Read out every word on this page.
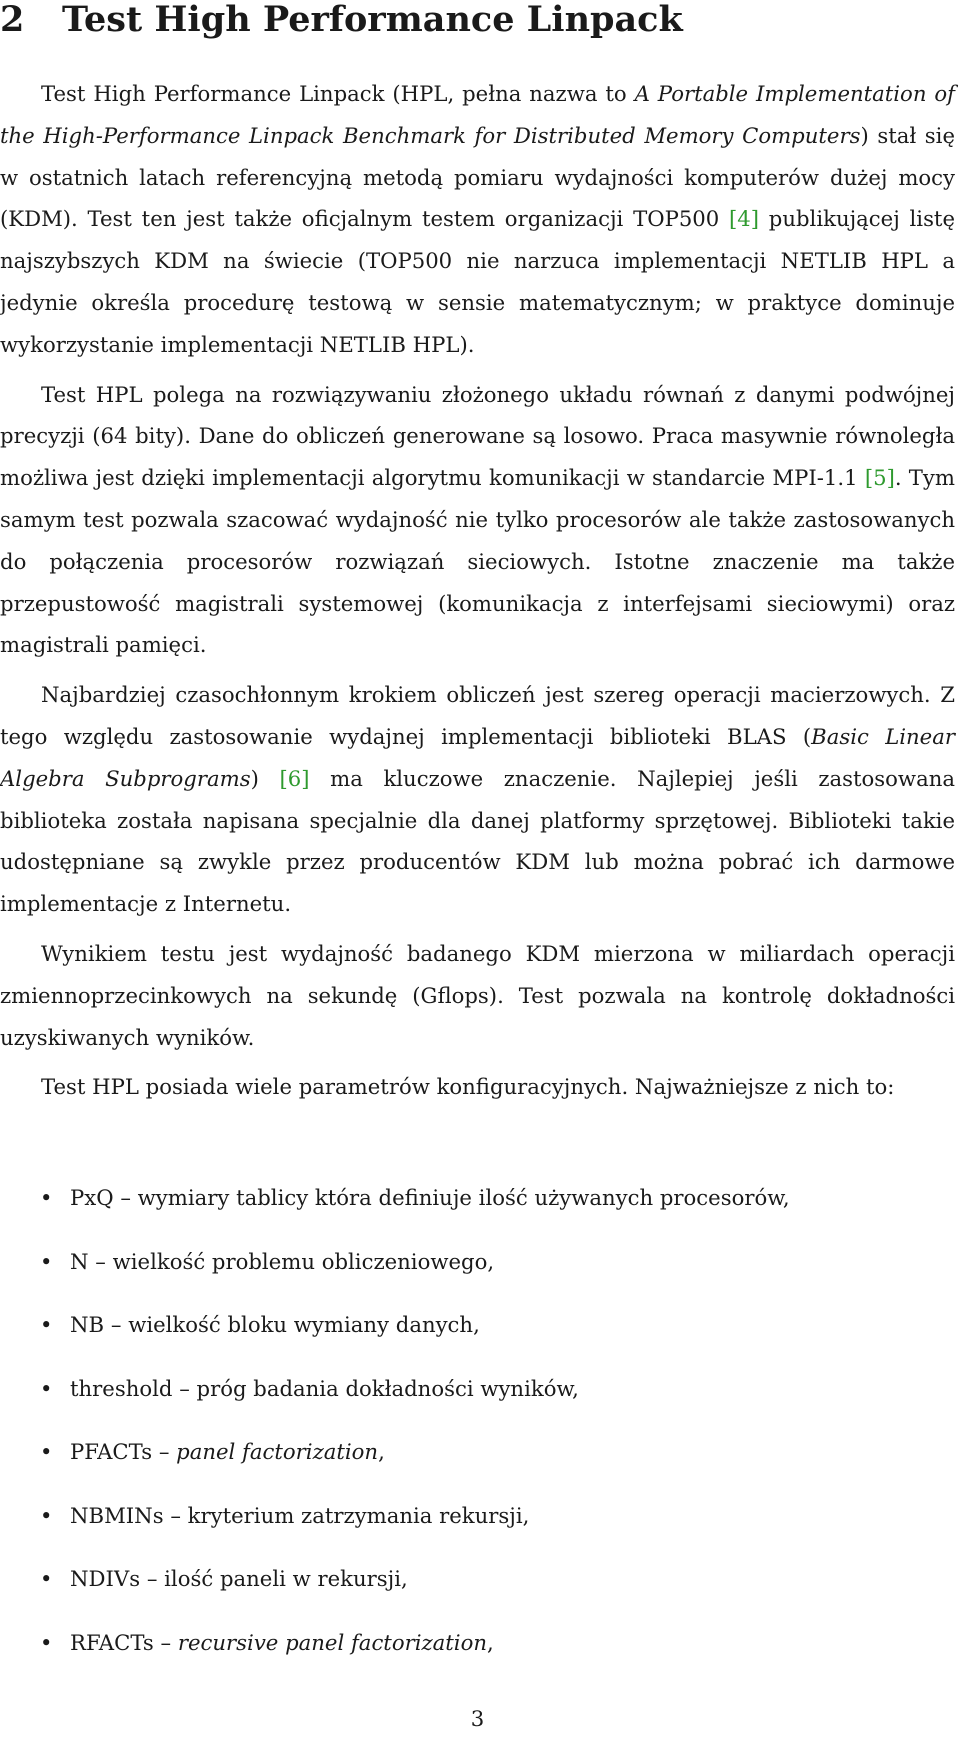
2 Test High Performance Linpack

Test High Performance Linpack (HPL, pełna nazwa to A Portable Implementation of the High-Performance Linpack Benchmark for Distributed Memory Computers) stał się w ostatnich latach referencyjną metodą pomiaru wydajności komputerów dużej mocy (KDM). Test ten jest także oficjalnym testem organizacji TOP500 [4] publikującej listę najszybszych KDM na świecie (TOP500 nie narzuca implementacji NETLIB HPL a jedynie określa procedurę testową w sensie matematycznym; w praktyce dominuje wykorzystanie implementacji NETLIB HPL).

Test HPL polega na rozwiązywaniu złożonego układu równań z danymi podwójnej precyzji (64 bity). Dane do obliczeń generowane są losowo. Praca masywnie równoległa możliwa jest dzięki implementacji algorytmu komunikacji w standarcie MPI-1.1 [5]. Tym samym test pozwala szacować wydajność nie tylko procesorów ale także zastosowanych do połączenia procesorów rozwiązań sieciowych. Istotne znaczenie ma także przepustowość magistrali systemowej (komunikacja z interfejsami sieciowymi) oraz magistrali pamięci.

Najbardziej czasochłonnym krokiem obliczeń jest szereg operacji macierzowych. Z tego względu zastosowanie wydajnej implementacji biblioteki BLAS (Basic Linear Algebra Subprograms) [6] ma kluczowe znaczenie. Najlepiej jeśli zastosowana biblioteka została napisana specjalnie dla danej platformy sprzętowej. Biblioteki takie udostępniane są zwykle przez producentów KDM lub można pobrać ich darmowe implementacje z Internetu.

Wynikiem testu jest wydajność badanego KDM mierzona w miliardach operacji zmiennoprzecinkowych na sekundę (Gflops). Test pozwala na kontrolę dokładności uzyskiwanych wyników.

Test HPL posiada wiele parametrów konfiguracyjnych. Najważniejsze z nich to:

• PxQ – wymiary tablicy która definiuje ilość używanych procesorów,
• N – wielkość problemu obliczeniowego,
• NB – wielkość bloku wymiany danych,
• threshold – próg badania dokładności wyników,
• PFACTs – panel factorization,
• NBMINs – kryterium zatrzymania rekursji,
• NDIVs – ilość paneli w rekursji,
• RFACTs – recursive panel factorization,
3
